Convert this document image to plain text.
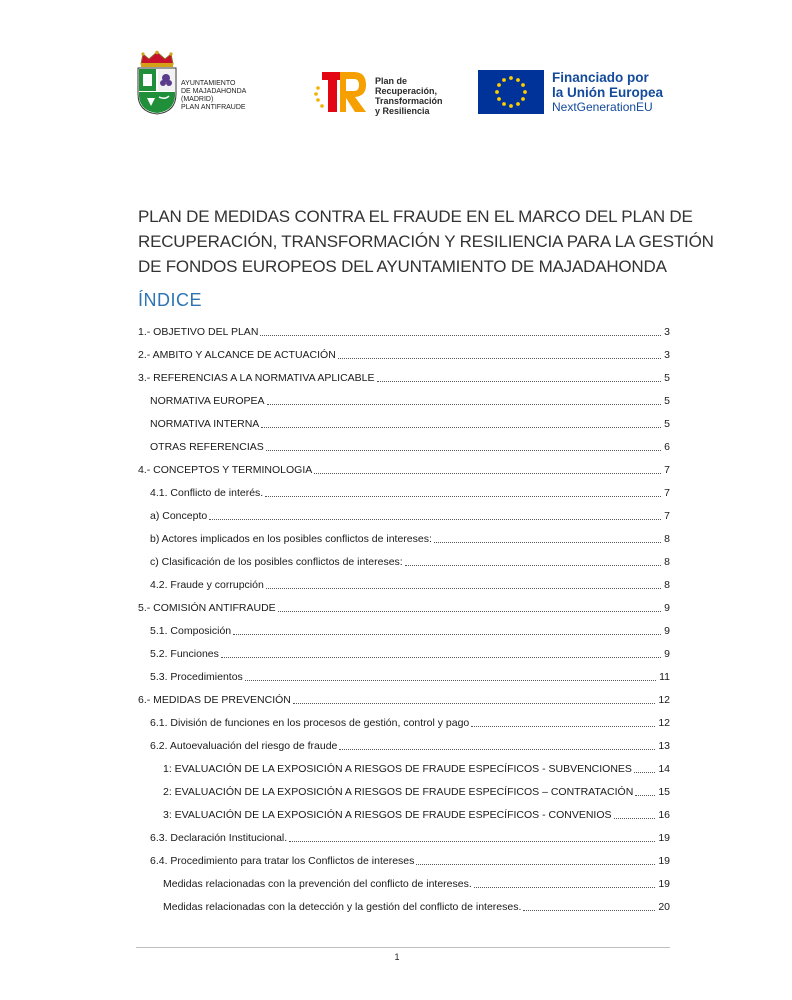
AYUNTAMIENTO
DE MAJADAHONDA
(MADRID)
PLAN ANTIFRAUDE
Plan de
Recuperación,
Transformación
y Resiliencia
Financiado por
la Unión Europea
NextGenerationEU
PLAN DE MEDIDAS CONTRA EL FRAUDE EN EL MARCO DEL PLAN DE
RECUPERACIÓN, TRANSFORMACIÓN Y RESILIENCIA PARA LA GESTIÓN
DE FONDOS EUROPEOS DEL AYUNTAMIENTO DE MAJADAHONDA
ÍNDICE
1.- OBJETIVO DEL PLAN	3
2.- AMBITO Y ALCANCE DE ACTUACIÓN	3
3.- REFERENCIAS A LA NORMATIVA APLICABLE	5
NORMATIVA EUROPEA	5
NORMATIVA INTERNA	5
OTRAS REFERENCIAS	6
4.- CONCEPTOS Y TERMINOLOGIA	7
4.1. Conflicto de interés.	7
a) Concepto	7
b) Actores implicados en los posibles conflictos de intereses:	8
c) Clasificación de los posibles conflictos de intereses:	8
4.2. Fraude y corrupción	8
5.- COMISIÓN ANTIFRAUDE	9
5.1. Composición	9
5.2. Funciones	9
5.3. Procedimientos	11
6.- MEDIDAS DE PREVENCIÓN	12
6.1. División de funciones en los procesos de gestión, control y pago	12
6.2. Autoevaluación del riesgo de fraude	13
1: EVALUACIÓN DE LA EXPOSICIÓN A RIESGOS DE FRAUDE ESPECÍFICOS - SUBVENCIONES	14
2: EVALUACIÓN DE LA EXPOSICIÓN A RIESGOS DE FRAUDE ESPECÍFICOS – CONTRATACIÓN 15
3: EVALUACIÓN DE LA EXPOSICIÓN A RIESGOS DE FRAUDE ESPECÍFICOS - CONVENIOS	16
6.3. Declaración Institucional.	19
6.4. Procedimiento para tratar los Conflictos de intereses	19
Medidas relacionadas con la prevención del conflicto de intereses.	19
Medidas relacionadas con la detección y la gestión del conflicto de intereses.	20
1
